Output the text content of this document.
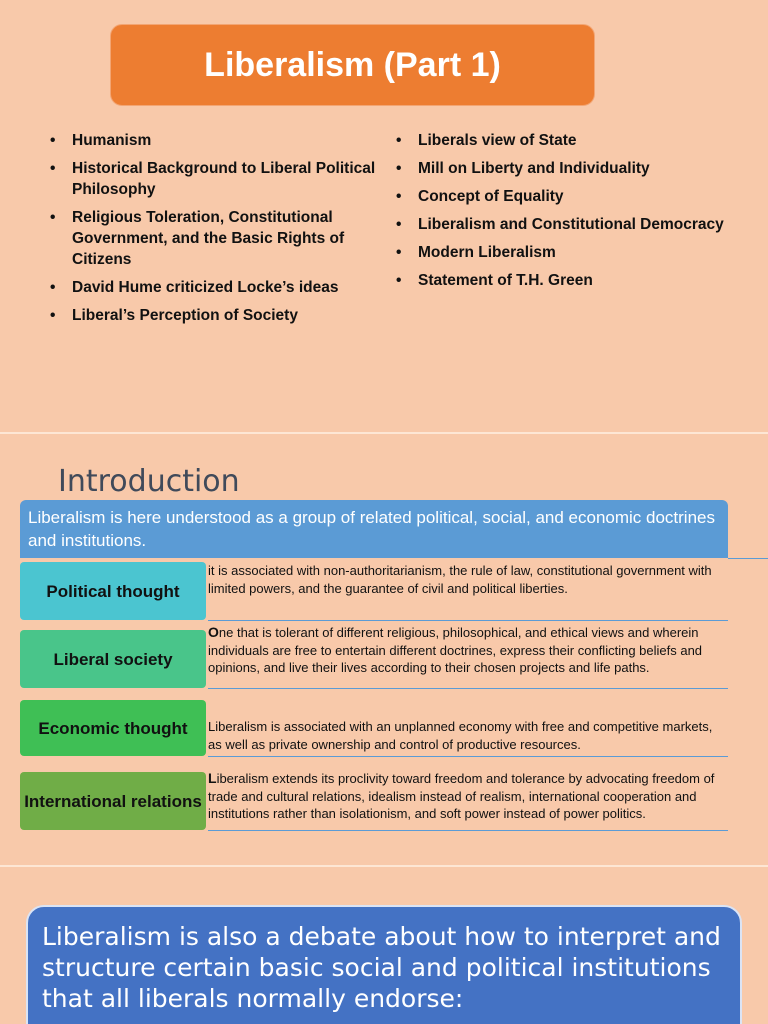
Liberalism (Part 1)
• Humanism
• Historical Background to Liberal Political Philosophy
• Religious Toleration, Constitutional Government, and the Basic Rights of Citizens
• David Hume criticized Locke’s ideas
• Liberal’s Perception of Society
• Liberals view of State
• Mill on Liberty and Individuality
• Concept of Equality
• Liberalism and Constitutional Democracy
• Modern Liberalism
• Statement of T.H. Green
Introduction
Liberalism is here understood as a group of related political, social, and economic doctrines and institutions.
Political thought
it is associated with non-authoritarianism, the rule of law, constitutional government with limited powers, and the guarantee of civil and political liberties.
Liberal society
One that is tolerant of different religious, philosophical, and ethical views and wherein individuals are free to entertain different doctrines, express their conflicting beliefs and opinions, and live their lives according to their chosen projects and life paths.
Economic thought	Liberalism is associated with an unplanned economy with free and competitive markets, as well as private ownership and control of productive resources.
International relations
Liberalism extends its proclivity toward freedom and tolerance by advocating freedom of trade and cultural relations, idealism instead of realism, international cooperation and institutions rather than isolationism, and soft power instead of power politics.
Liberalism is also a debate about how to interpret and structure certain basic social and political institutions that all liberals normally endorse:
